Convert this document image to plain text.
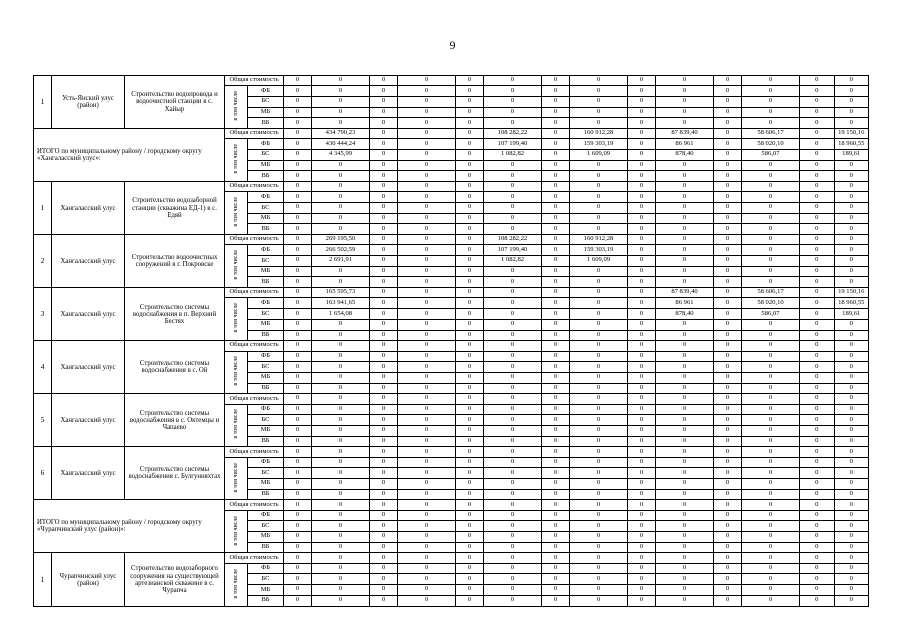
9
1	Усть-Янский улус (район)	Строительство водопровода и водоочистной станции в с. Хайыр	Общая стоимость		0	0	0	0	0	0	0	0	0	0	0	0	0	0
			в том числе	ФБ	0	0	0	0	0	0	0	0	0	0	0	0	0	0
				БС	0	0	0	0	0	0	0	0	0	0	0	0	0	0
				МБ	0	0	0	0	0	0	0	0	0	0	0	0	0	0
				ВБ	0	0	0	0	0	0	0	0	0	0	0	0	0	0
ИТОГО по муниципальному району / городскому округу «Хангаласский улус»:			Общая стоимость		0	434 790,23	0	0	0	108 282,22	0	160 912,28	0	87 839,40	0	58 606,17	0	19 150,16
			в том числе	ФБ	0	430 444,24	0	0	0	107 199,40	0	159 303,19	0	86 961	0	58 020,10	0	18 960,55
				БС	0	4 345,99	0	0	0	1 082,82	0	1 609,09	0	878,40	0	586,07	0	189,61
				МБ	0	0	0	0	0	0	0	0	0	0	0	0	0	0
				ВБ	0	0	0	0	0	0	0	0	0	0	0	0	0	0
1	Хангаласский улус	Строительство водозаборной станции (скважина ЕД-1) в с. Едяй	Общая стоимость		0	0	0	0	0	0	0	0	0	0	0	0	0	0
			в том числе	ФБ	0	0	0	0	0	0	0	0	0	0	0	0	0	0
				БС	0	0	0	0	0	0	0	0	0	0	0	0	0	0
				МБ	0	0	0	0	0	0	0	0	0	0	0	0	0	0
				ВБ	0	0	0	0	0	0	0	0	0	0	0	0	0	0
2	Хангаласский улус	Строительство водоочистных сооружений в г. Покровске	Общая стоимость		0	269 195,50	0	0	0	108 282,22	0	160 912,28	0	0	0	0	0	0
			в том числе	ФБ	0	266 502,59	0	0	0	107 199,40	0	159 303,19	0	0	0	0	0	0
				БС	0	2 691,91	0	0	0	1 082,82	0	1 609,09	0	0	0	0	0	0
				МБ	0	0	0	0	0	0	0	0	0	0	0	0	0	0
				ВБ	0	0	0	0	0	0	0	0	0	0	0	0	0	0
3	Хангаласский улус	Строительство системы водоснабжения в п. Верхний Бестях	Общая стоимость		0	165 595,73	0	0	0	0	0	0	0	87 839,40	0	58 606,17	0	19 150,16
			в том числе	ФБ	0	163 941,65	0	0	0	0	0	0	0	86 961	0	58 020,10	0	18 960,55
				БС	0	1 654,08	0	0	0	0	0	0	0	878,40	0	586,07	0	189,61
				МБ	0	0	0	0	0	0	0	0	0	0	0	0	0	0
				ВБ	0	0	0	0	0	0	0	0	0	0	0	0	0	0
4	Хангаласский улус	Строительство системы водоснабжения в с. Ой	Общая стоимость		0	0	0	0	0	0	0	0	0	0	0	0	0	0
			в том числе	ФБ	0	0	0	0	0	0	0	0	0	0	0	0	0	0
				БС	0	0	0	0	0	0	0	0	0	0	0	0	0	0
				МБ	0	0	0	0	0	0	0	0	0	0	0	0	0	0
				ВБ	0	0	0	0	0	0	0	0	0	0	0	0	0	0
5	Хангаласский улус	Строительство системы водоснабжения в с. Октемцы и Чапаево	Общая стоимость		0	0	0	0	0	0	0	0	0	0	0	0	0	0
			в том числе	ФБ	0	0	0	0	0	0	0	0	0	0	0	0	0	0
				БС	0	0	0	0	0	0	0	0	0	0	0	0	0	0
				МБ	0	0	0	0	0	0	0	0	0	0	0	0	0	0
				ВБ	0	0	0	0	0	0	0	0	0	0	0	0	0	0
6	Хангаласский улус	Строительство системы водоснабжения с. Булгунняхтах	Общая стоимость		0	0	0	0	0	0	0	0	0	0	0	0	0	0
			в том числе	ФБ	0	0	0	0	0	0	0	0	0	0	0	0	0	0
				БС	0	0	0	0	0	0	0	0	0	0	0	0	0	0
				МБ	0	0	0	0	0	0	0	0	0	0	0	0	0	0
				ВБ	0	0	0	0	0	0	0	0	0	0	0	0	0	0
ИТОГО по муниципальному району / городскому округу «Чурапчинский улус (район)»:			Общая стоимость		0	0	0	0	0	0	0	0	0	0	0	0	0	0
			в том числе	ФБ	0	0	0	0	0	0	0	0	0	0	0	0	0	0
				БС	0	0	0	0	0	0	0	0	0	0	0	0	0	0
				МБ	0	0	0	0	0	0	0	0	0	0	0	0	0	0
				ВБ	0	0	0	0	0	0	0	0	0	0	0	0	0	0
1	Чурапчинский улус (район)	Строительство водозаборного сооружения на существующей артезианской скважине в с. Чурапча	Общая стоимость		0	0	0	0	0	0	0	0	0	0	0	0	0	0
			в том числе	ФБ	0	0	0	0	0	0	0	0	0	0	0	0	0	0
				БС	0	0	0	0	0	0	0	0	0	0	0	0	0	0
				МБ	0	0	0	0	0	0	0	0	0	0	0	0	0	0
				ВБ	0	0	0	0	0	0	0	0	0	0	0	0	0	0
